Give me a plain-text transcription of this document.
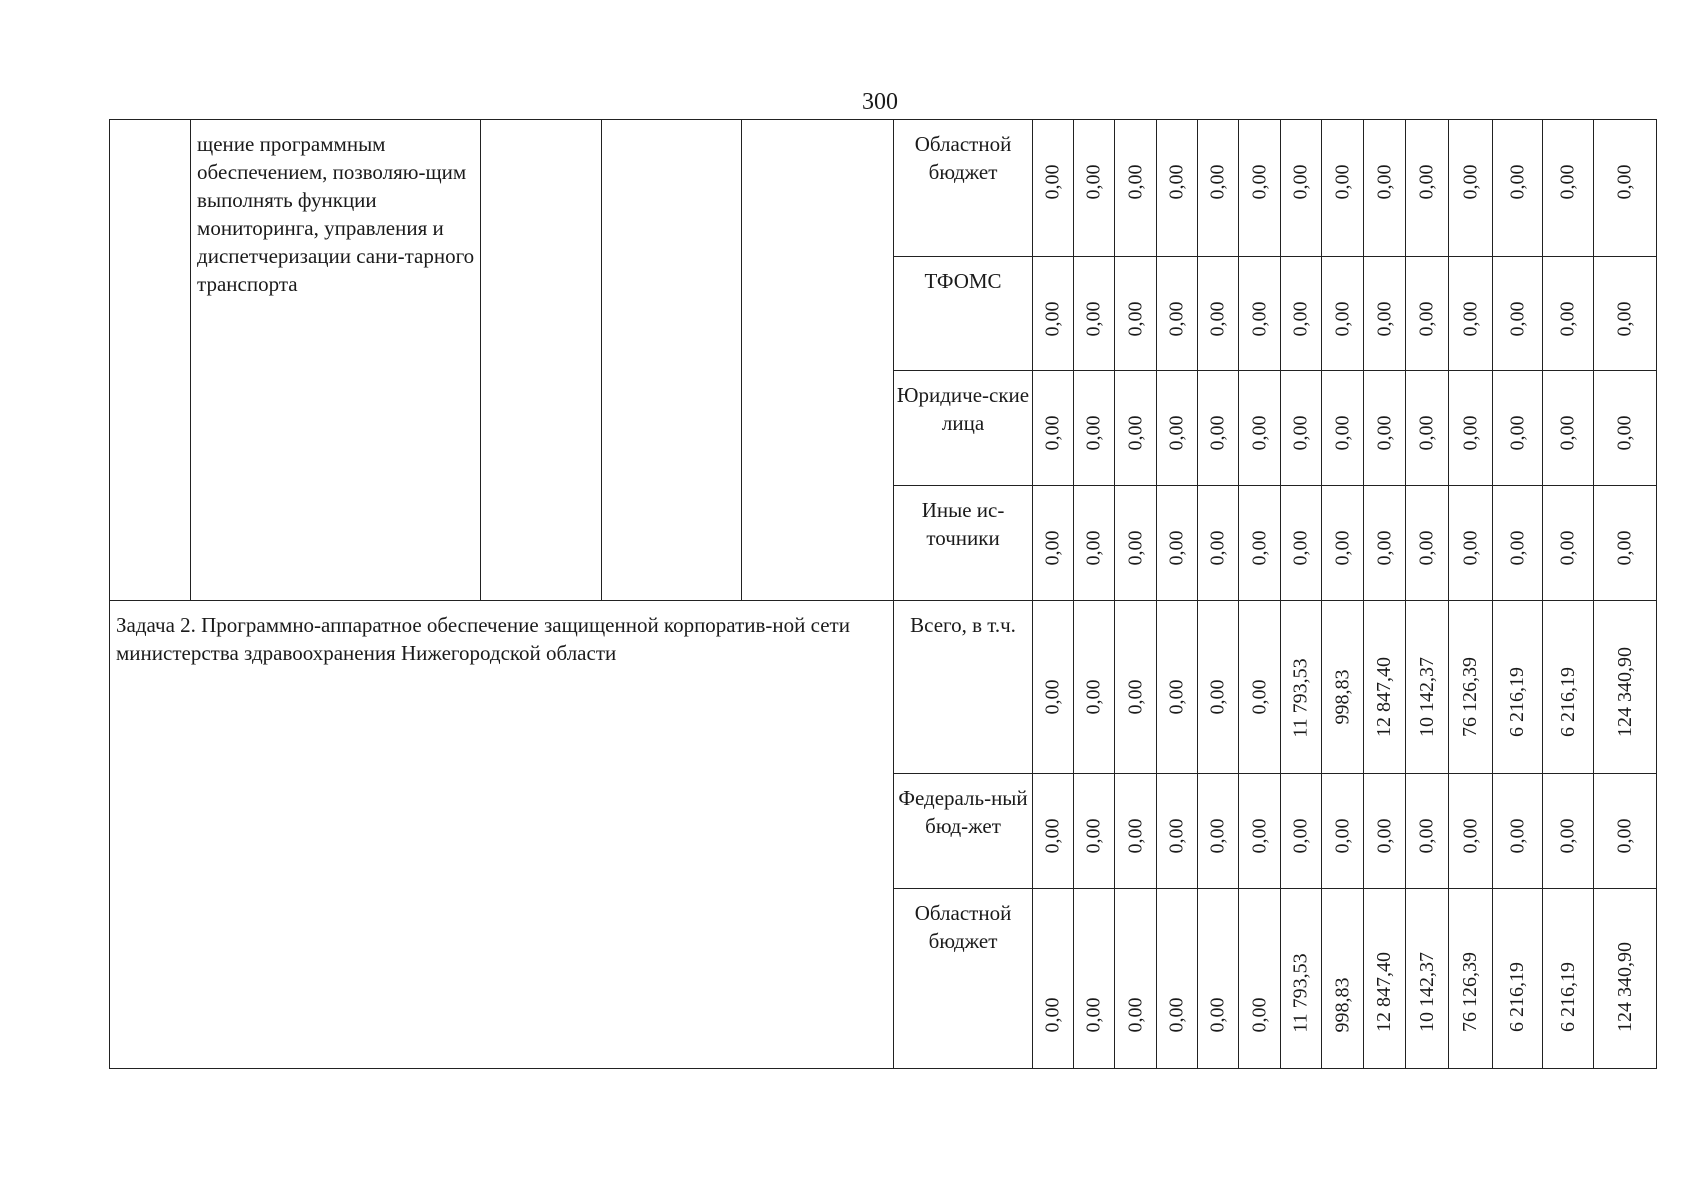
300
	щение программным обеспечением, позволяю-щим выполнять функции мониторинга, управления и диспетчеризации сани-тарного транспорта				Областной бюджет	0,00	0,00	0,00	0,00	0,00	0,00	0,00	0,00	0,00	0,00	0,00	0,00	0,00	0,00

					ТФОМС	0,00	0,00	0,00	0,00	0,00	0,00	0,00	0,00	0,00	0,00	0,00	0,00	0,00	0,00

					Юридиче-ские лица	0,00	0,00	0,00	0,00	0,00	0,00	0,00	0,00	0,00	0,00	0,00	0,00	0,00	0,00

					Иные ис-точники	0,00	0,00	0,00	0,00	0,00	0,00	0,00	0,00	0,00	0,00	0,00	0,00	0,00	0,00

Задача 2. Программно-аппаратное обеспечение защищенной корпоратив-ной сети министерства здравоохранения Нижегородской области					Всего, в т.ч.	0,00	0,00	0,00	0,00	0,00	0,00	11 793,53	998,83	12 847,40	10 142,37	76 126,39	6 216,19	6 216,19	124 340,90

					Федераль-ный бюд-жет	0,00	0,00	0,00	0,00	0,00	0,00	0,00	0,00	0,00	0,00	0,00	0,00	0,00	0,00

					Областной бюджет	0,00	0,00	0,00	0,00	0,00	0,00	11 793,53	998,83	12 847,40	10 142,37	76 126,39	6 216,19	6 216,19	124 340,90
